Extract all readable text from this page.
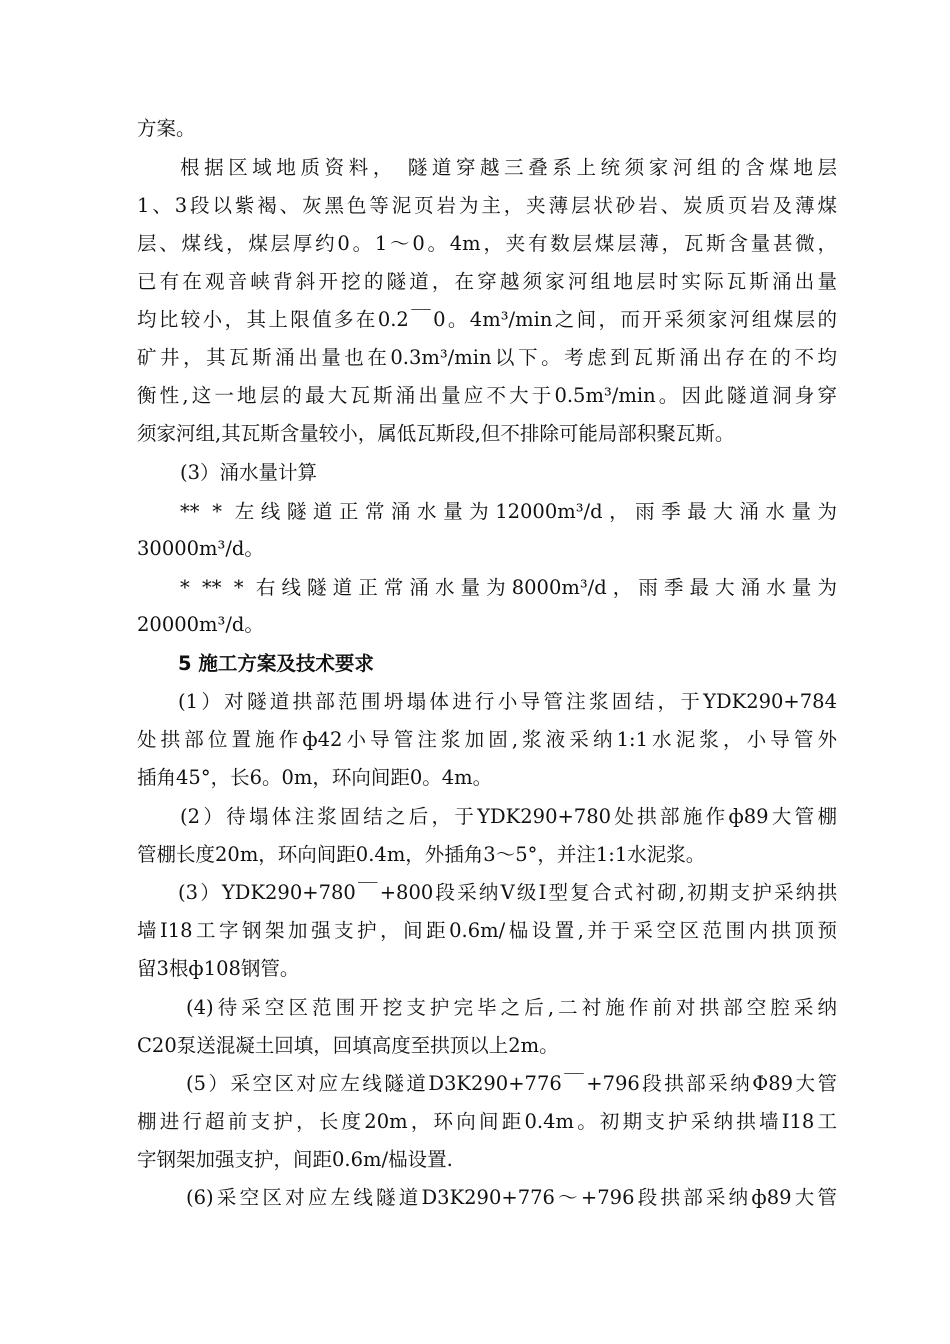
方案。
根据区域地质资料， 隧道穿越三叠系上统须家河组的含煤地层
1、3段以紫褐、灰黑色等泥页岩为主，夹薄层状砂岩、炭质页岩及薄煤
层、煤线，煤层厚约0。1～0。4m，夹有数层煤层薄，瓦斯含量甚微，
已有在观音峡背斜开挖的隧道，在穿越须家河组地层时实际瓦斯涌出量
均比较小，其上限值多在0.2￣0。4m³/min之间，而开采须家河组煤层的
矿井，其瓦斯涌出量也在0.3m³/min以下。考虑到瓦斯涌出存在的不均
衡性,这一地层的最大瓦斯涌出量应不大于0.5m³/min。因此隧道洞身穿
须家河组,其瓦斯含量较小，属低瓦斯段,但不排除可能局部积聚瓦斯。
(3）涌水量计算
** * 左线隧道正常涌水量为12000m³/d，雨季最大涌水量为
30000m³/d。
* ** * 右线隧道正常涌水量为8000m³/d，雨季最大涌水量为
20000m³/d。
5 施工方案及技术要求
(1）对隧道拱部范围坍塌体进行小导管注浆固结，于YDK290+784
处拱部位置施作ф42小导管注浆加固,浆液采纳1:1水泥浆，小导管外
插角45°，长6。0m，环向间距0。4m。
(2）待塌体注浆固结之后，于YDK290+780处拱部施作ф89大管棚
管棚长度20m，环向间距0.4m，外插角3～5°，并注1:1水泥浆。
(3）YDK290+780￣+800段采纳Ⅴ级Ⅰ型复合式衬砌,初期支护采纳拱
墙I18工字钢架加强支护，间距0.6m/榀设置,并于采空区范围内拱顶预
留3根ф108钢管。
(4)待采空区范围开挖支护完毕之后,二衬施作前对拱部空腔采纳
C20泵送混凝土回填，回填高度至拱顶以上2m。
(5）采空区对应左线隧道D3K290+776￣+796段拱部采纳Φ89大管
棚进行超前支护，长度20m，环向间距0.4m。初期支护采纳拱墙I18工
字钢架加强支护，间距0.6m/榀设置.
(6)采空区对应左线隧道D3K290+776～+796段拱部采纳ф89大管
